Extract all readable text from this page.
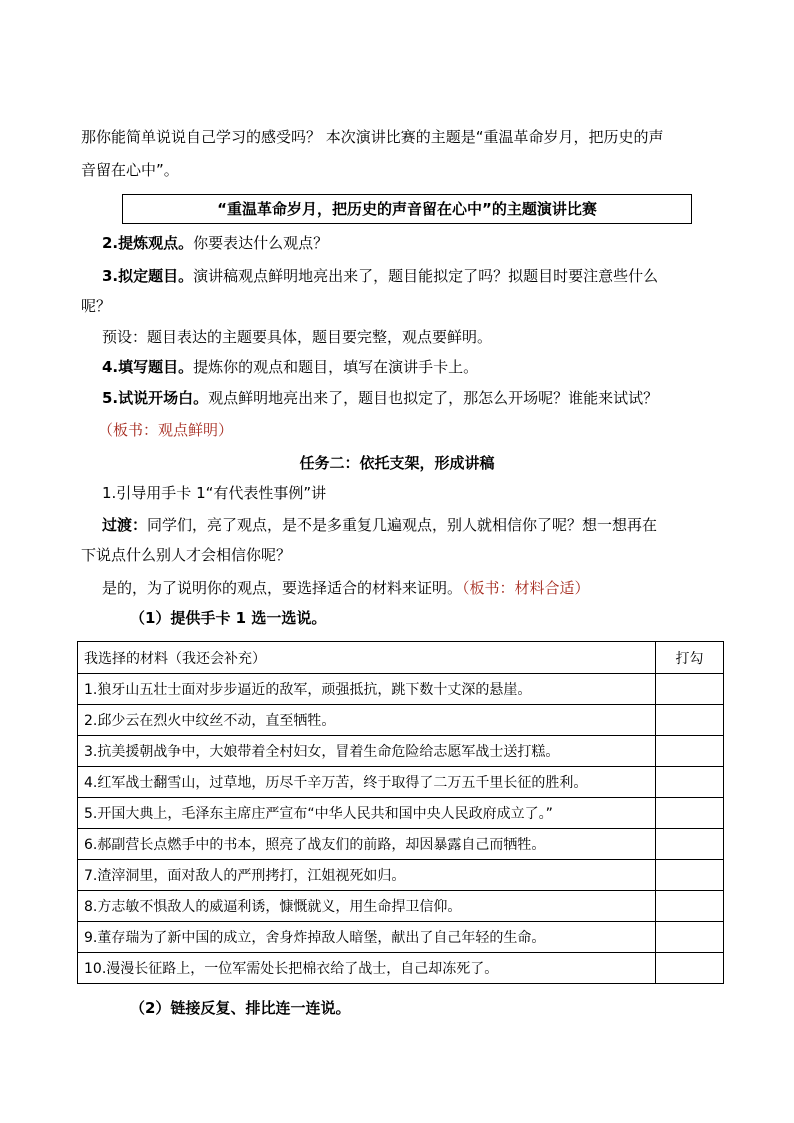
那你能简单说说自己学习的感受吗？ 本次演讲比赛的主题是“重温革命岁月，把历史的声
音留在心中”。
“重温革命岁月，把历史的声音留在心中”的主题演讲比赛
2.提炼观点。你要表达什么观点？
3.拟定题目。演讲稿观点鲜明地亮出来了，题目能拟定了吗？拟题目时要注意些什么
呢？
预设：题目表达的主题要具体，题目要完整，观点要鲜明。
4.填写题目。提炼你的观点和题目，填写在演讲手卡上。
5.试说开场白。观点鲜明地亮出来了，题目也拟定了，那怎么开场呢？谁能来试试？
（板书：观点鲜明）
任务二：依托支架，形成讲稿
1.引导用手卡 1“有代表性事例”讲
过渡：同学们，亮了观点，是不是多重复几遍观点，别人就相信你了呢？想一想再在
下说点什么别人才会相信你呢？
是的，为了说明你的观点，要选择适合的材料来证明。（板书：材料合适）
（1）提供手卡 1 选一选说。
我选择的材料（我还会补充）	打勾
1.狼牙山五壮士面对步步逼近的敌军，顽强抵抗，跳下数十丈深的悬崖。	
2.邱少云在烈火中纹丝不动，直至牺牲。	
3.抗美援朝战争中，大娘带着全村妇女，冒着生命危险给志愿军战士送打糕。	
4.红军战士翻雪山，过草地，历尽千辛万苦，终于取得了二万五千里长征的胜利。	
5.开国大典上，毛泽东主席庄严宣布“中华人民共和国中央人民政府成立了。”	
6.郝副营长点燃手中的书本，照亮了战友们的前路，却因暴露自己而牺牲。	
7.渣滓洞里，面对敌人的严刑拷打，江姐视死如归。	
8.方志敏不惧敌人的威逼利诱，慷慨就义，用生命捍卫信仰。	
9.董存瑞为了新中国的成立，舍身炸掉敌人暗堡，献出了自己年轻的生命。	
10.漫漫长征路上，一位军需处长把棉衣给了战士，自己却冻死了。	
（2）链接反复、排比连一连说。
